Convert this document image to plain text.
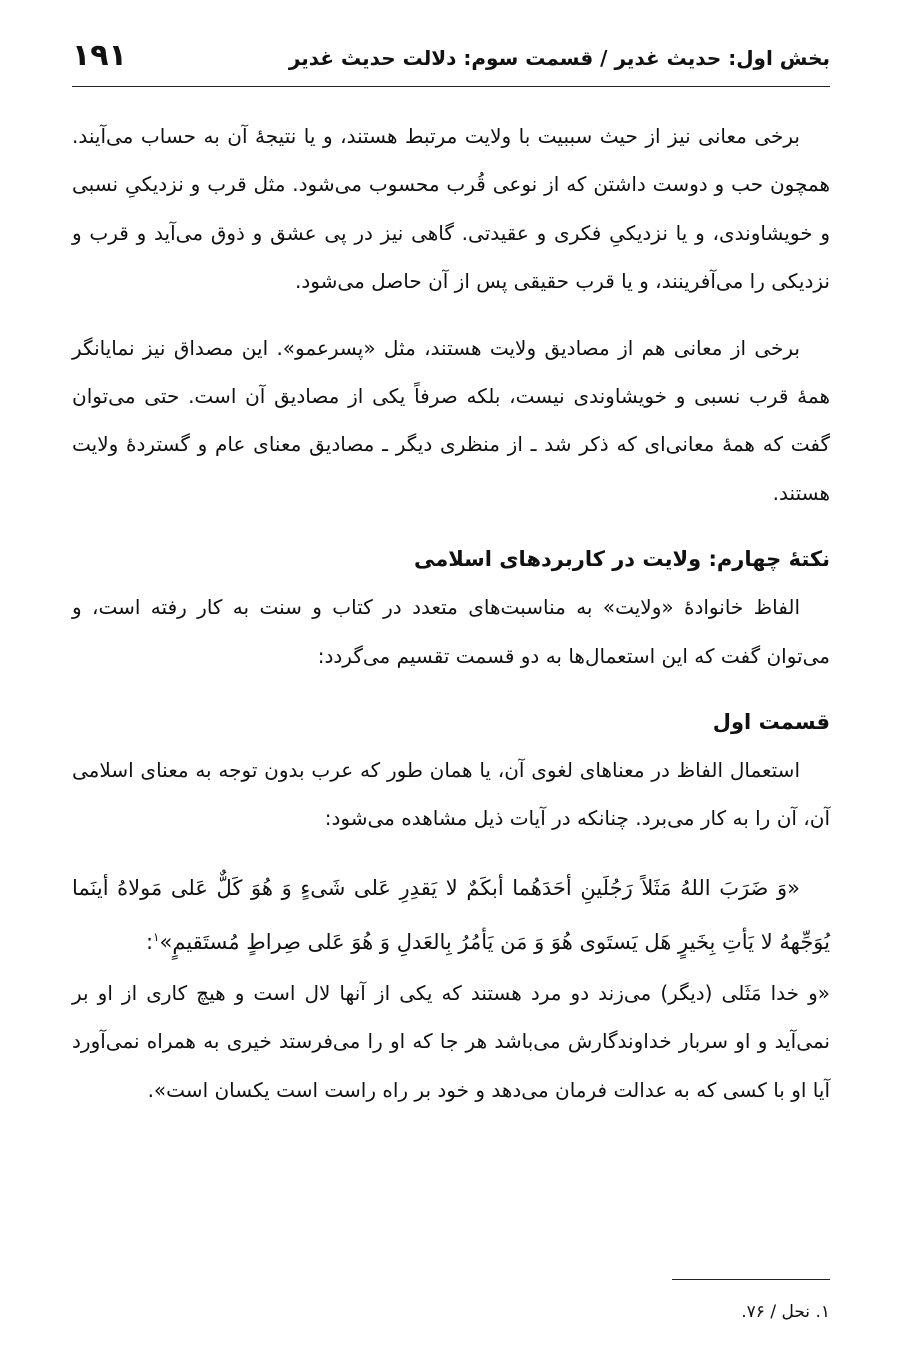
بخش اول: حدیث غدیر / قسمت سوم: دلالت حدیث غدیر
۱۹۱

برخی معانی نیز از حیث سببیت با ولایت مرتبط هستند، و یا نتیجهٔ آن به حساب می‌آیند. همچون حب و دوست داشتن که از نوعی قُرب محسوب می‌شود. مثل قرب و نزدیکیِ نسبی و خویشاوندی، و یا نزدیکیِ فکری و عقیدتی. گاهی نیز در پی عشق و ذوق می‌آید و قرب و نزدیکی را می‌آفرینند، و یا قرب حقیقی پس از آن حاصل می‌شود.

برخی از معانی هم از مصادیق ولایت هستند، مثل «پسرعمو». این مصداق نیز نمایانگر همهٔ قرب نسبی و خویشاوندی نیست، بلکه صرفاً یکی از مصادیق آن است. حتی می‌توان گفت که همهٔ معانی‌ای که ذکر شد ـ از منظری دیگر ـ مصادیق معنای عام و گستردهٔ ولایت هستند.

نکتهٔ چهارم: ولایت در کاربردهای اسلامی

الفاظ خانوادهٔ «ولایت» به مناسبت‌های متعدد در کتاب و سنت به کار رفته است، و می‌توان گفت که این استعمال‌ها به دو قسمت تقسیم می‌گردد:

قسمت اول

استعمال الفاظ در معناهای لغوی آن، یا همان طور که عرب بدون توجه به معنای اسلامی آن، آن را به کار می‌برد. چنانکه در آیات ذیل مشاهده می‌شود:

«وَ ضَرَبَ اللهُ مَثَلاً رَجُلَینِ أحَدَهُما أبکَمٌ لا یَقدِرِ عَلی شَیءٍ وَ هُوَ کَلٌّ عَلی مَولاهُ أینَما یُوَجِّههُ لا یَأتِ بِخَیرٍ هَل یَستَوی هُوَ وَ مَن یَأمُرُ بِالعَدلِ وَ هُوَ عَلی صِراطٍ مُستَقیمٍ»$^۱$:

«و خدا مَثَلی (دیگر) می‌زند دو مرد هستند که یکی از آنها لال است و هیچ کاری از او بر نمی‌آید و او سربار خداوندگارش می‌باشد هر جا که او را می‌فرستد خیری به همراه نمی‌آورد آیا او با کسی که به عدالت فرمان می‌دهد و خود بر راه راست است یکسان است».

۱. نحل / ۷۶.
